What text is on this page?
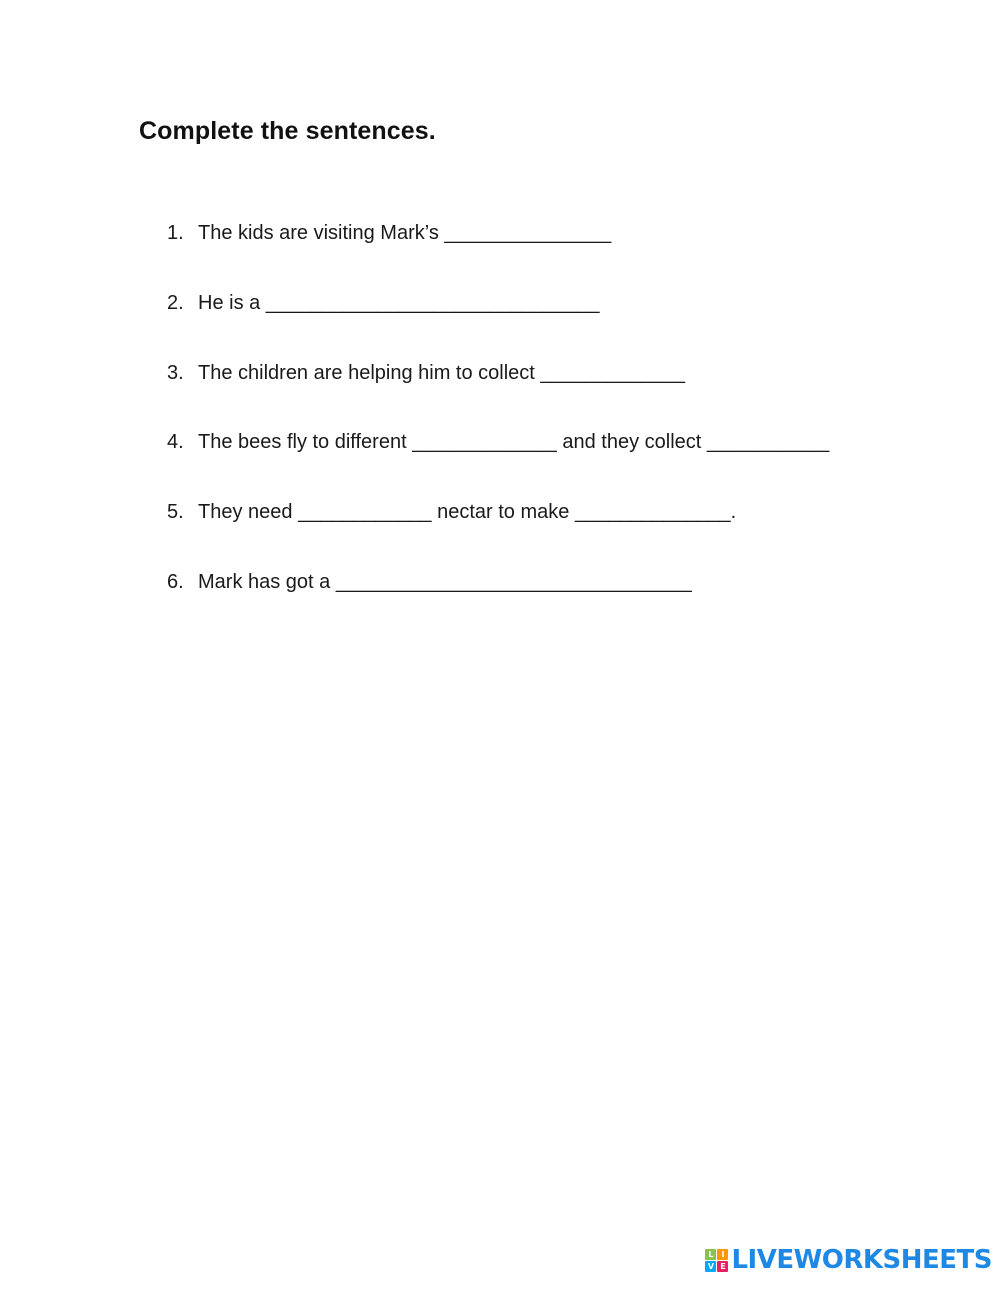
Complete the sentences.
1. The kids are visiting Mark’s _______________
2. He is a ______________________________
3. The children are helping him to collect _____________
4. The bees fly to different _____________ and they collect ___________
5. They need ____________ nectar to make ______________.
6. Mark has got a ________________________________
L I
V E LIVEWORKSHEETS
